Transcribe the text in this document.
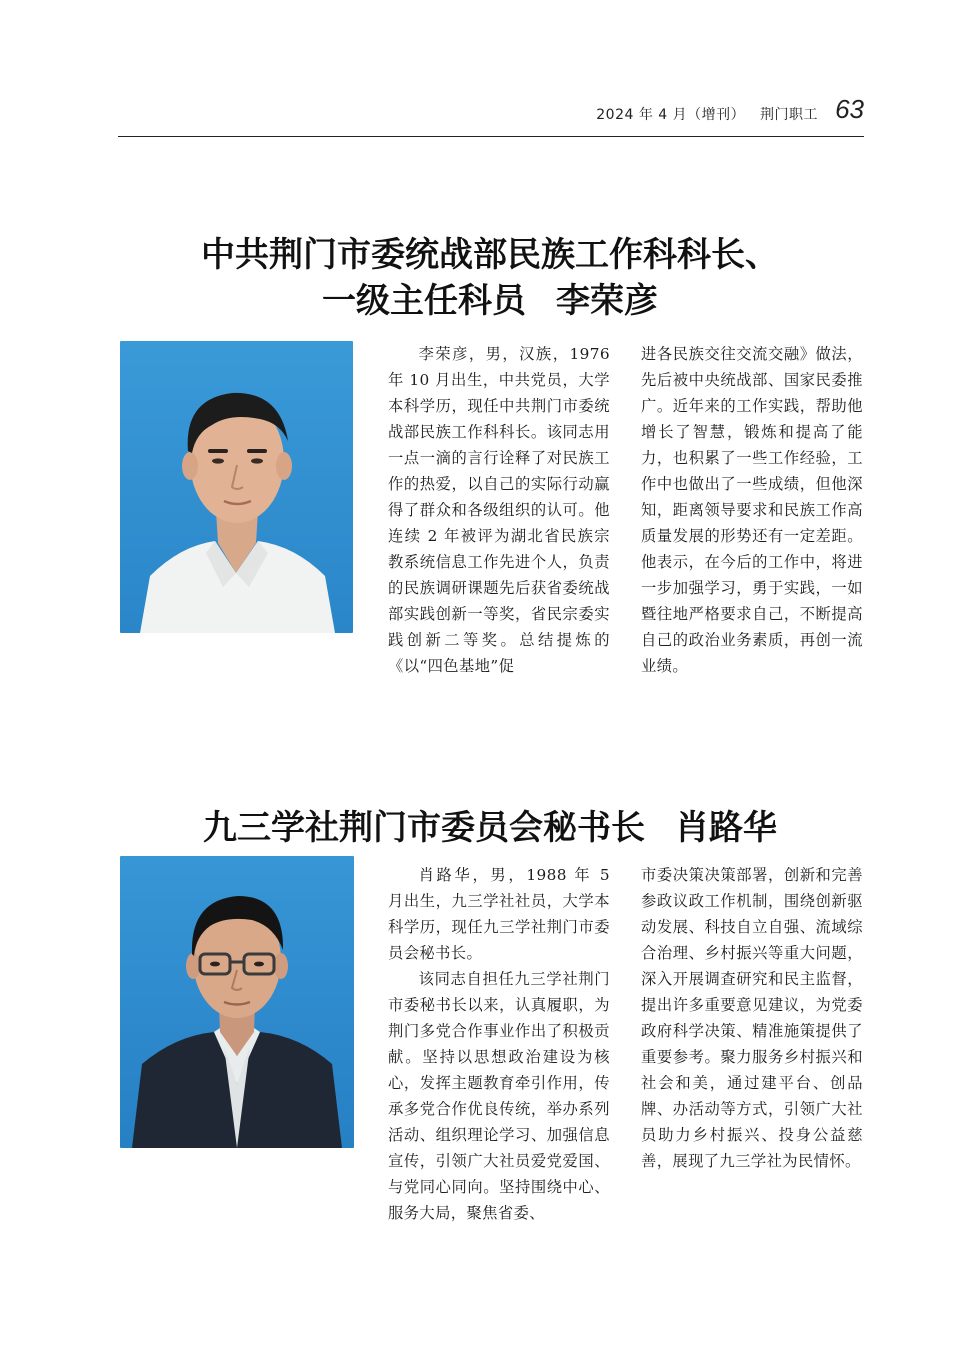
2024 年 4 月（增刊） 荆门职工 63
中共荆门市委统战部民族工作科科长、
一级主任科员 李荣彦

李荣彦，男，汉族，1976 年 10 月出生，中共党员，大学本科学历，现任中共荆门市委统战部民族工作科科长。该同志用一点一滴的言行诠释了对民族工作的热爱，以自己的实际行动赢得了群众和各级组织的认可。他连续 2 年被评为湖北省民族宗教系统信息工作先进个人，负责的民族调研课题先后获省委统战部实践创新一等奖，省民宗委实践创新二等奖。总结提炼的《以“四色基地”促

进各民族交往交流交融》做法，先后被中央统战部、国家民委推广。近年来的工作实践，帮助他增长了智慧，锻炼和提高了能力，也积累了一些工作经验，工作中也做出了一些成绩，但他深知，距离领导要求和民族工作高质量发展的形势还有一定差距。他表示，在今后的工作中，将进一步加强学习，勇于实践，一如暨往地严格要求自己，不断提高自己的政治业务素质，再创一流业绩。

九三学社荆门市委员会秘书长 肖路华

肖路华，男，1988 年 5 月出生，九三学社社员，大学本科学历，现任九三学社荆门市委员会秘书长。

该同志自担任九三学社荆门市委秘书长以来，认真履职，为荆门多党合作事业作出了积极贡献。坚持以思想政治建设为核心，发挥主题教育牵引作用，传承多党合作优良传统，举办系列活动、组织理论学习、加强信息宣传，引领广大社员爱党爱国、与党同心同向。坚持围绕中心、服务大局，聚焦省委、

市委决策决策部署，创新和完善参政议政工作机制，围绕创新驱动发展、科技自立自强、流域综合治理、乡村振兴等重大问题，深入开展调查研究和民主监督，提出许多重要意见建议，为党委政府科学决策、精准施策提供了重要参考。聚力服务乡村振兴和社会和美，通过建平台、创品牌、办活动等方式，引领广大社员助力乡村振兴、投身公益慈善，展现了九三学社为民情怀。
